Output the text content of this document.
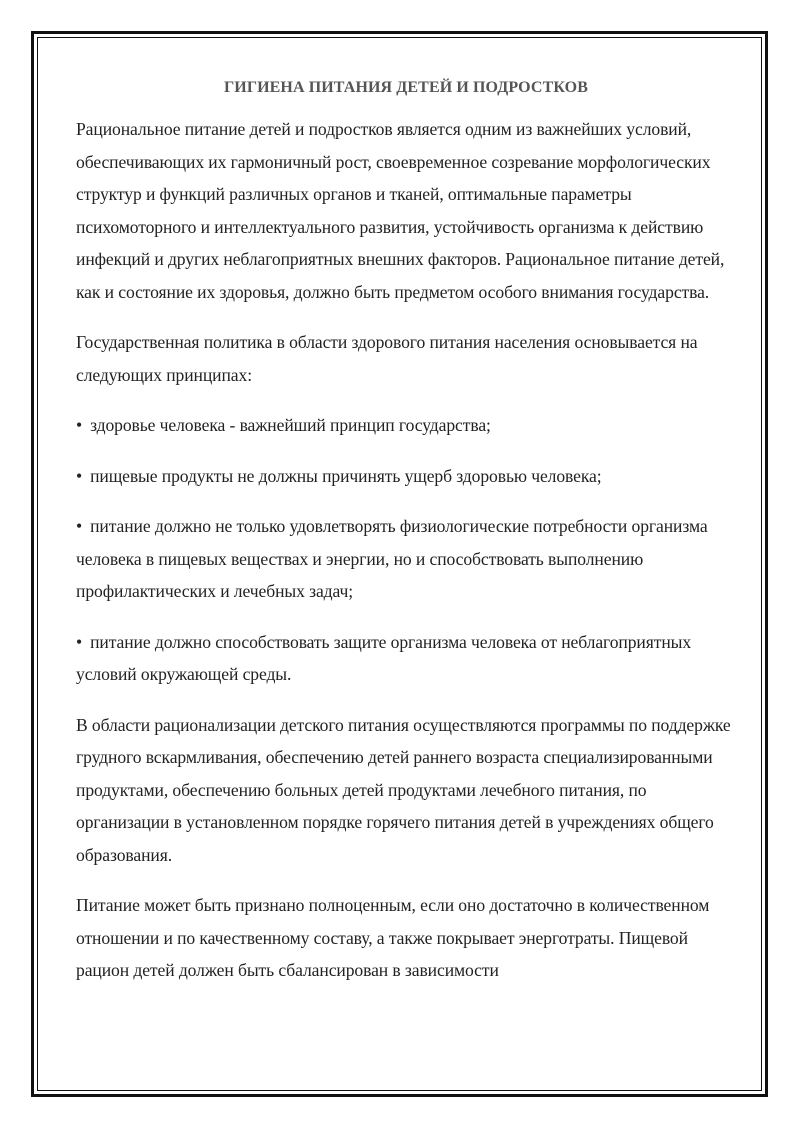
ГИГИЕНА ПИТАНИЯ ДЕТЕЙ И ПОДРОСТКОВ

Рациональное питание детей и подростков является одним из важнейших условий, обеспечивающих их гармоничный рост, своевременное созревание морфологических структур и функций различных органов и тканей, оптимальные параметры психомоторного и интеллектуального развития, устойчивость организма к действию инфекций и других неблагоприятных внешних факторов. Рациональное питание детей, как и состояние их здоровья, должно быть предметом особого внимания государства.

Государственная политика в области здорового питания населения основывается на следующих принципах:

• здоровье человека - важнейший принцип государства;

• пищевые продукты не должны причинять ущерб здоровью человека;

• питание должно не только удовлетворять физиологические потребности организма человека в пищевых веществах и энергии, но и способствовать выполнению профилактических и лечебных задач;

• питание должно способствовать защите организма человека от неблагоприятных условий окружающей среды.

В области рационализации детского питания осуществляются программы по поддержке грудного вскармливания, обеспечению детей раннего возраста специализированными продуктами, обеспечению больных детей продуктами лечебного питания, по организации в установленном порядке горячего питания детей в учреждениях общего образования.

Питание может быть признано полноценным, если оно достаточно в количественном отношении и по качественному составу, а также покрывает энерготраты. Пищевой рацион детей должен быть сбалансирован в зависимости
